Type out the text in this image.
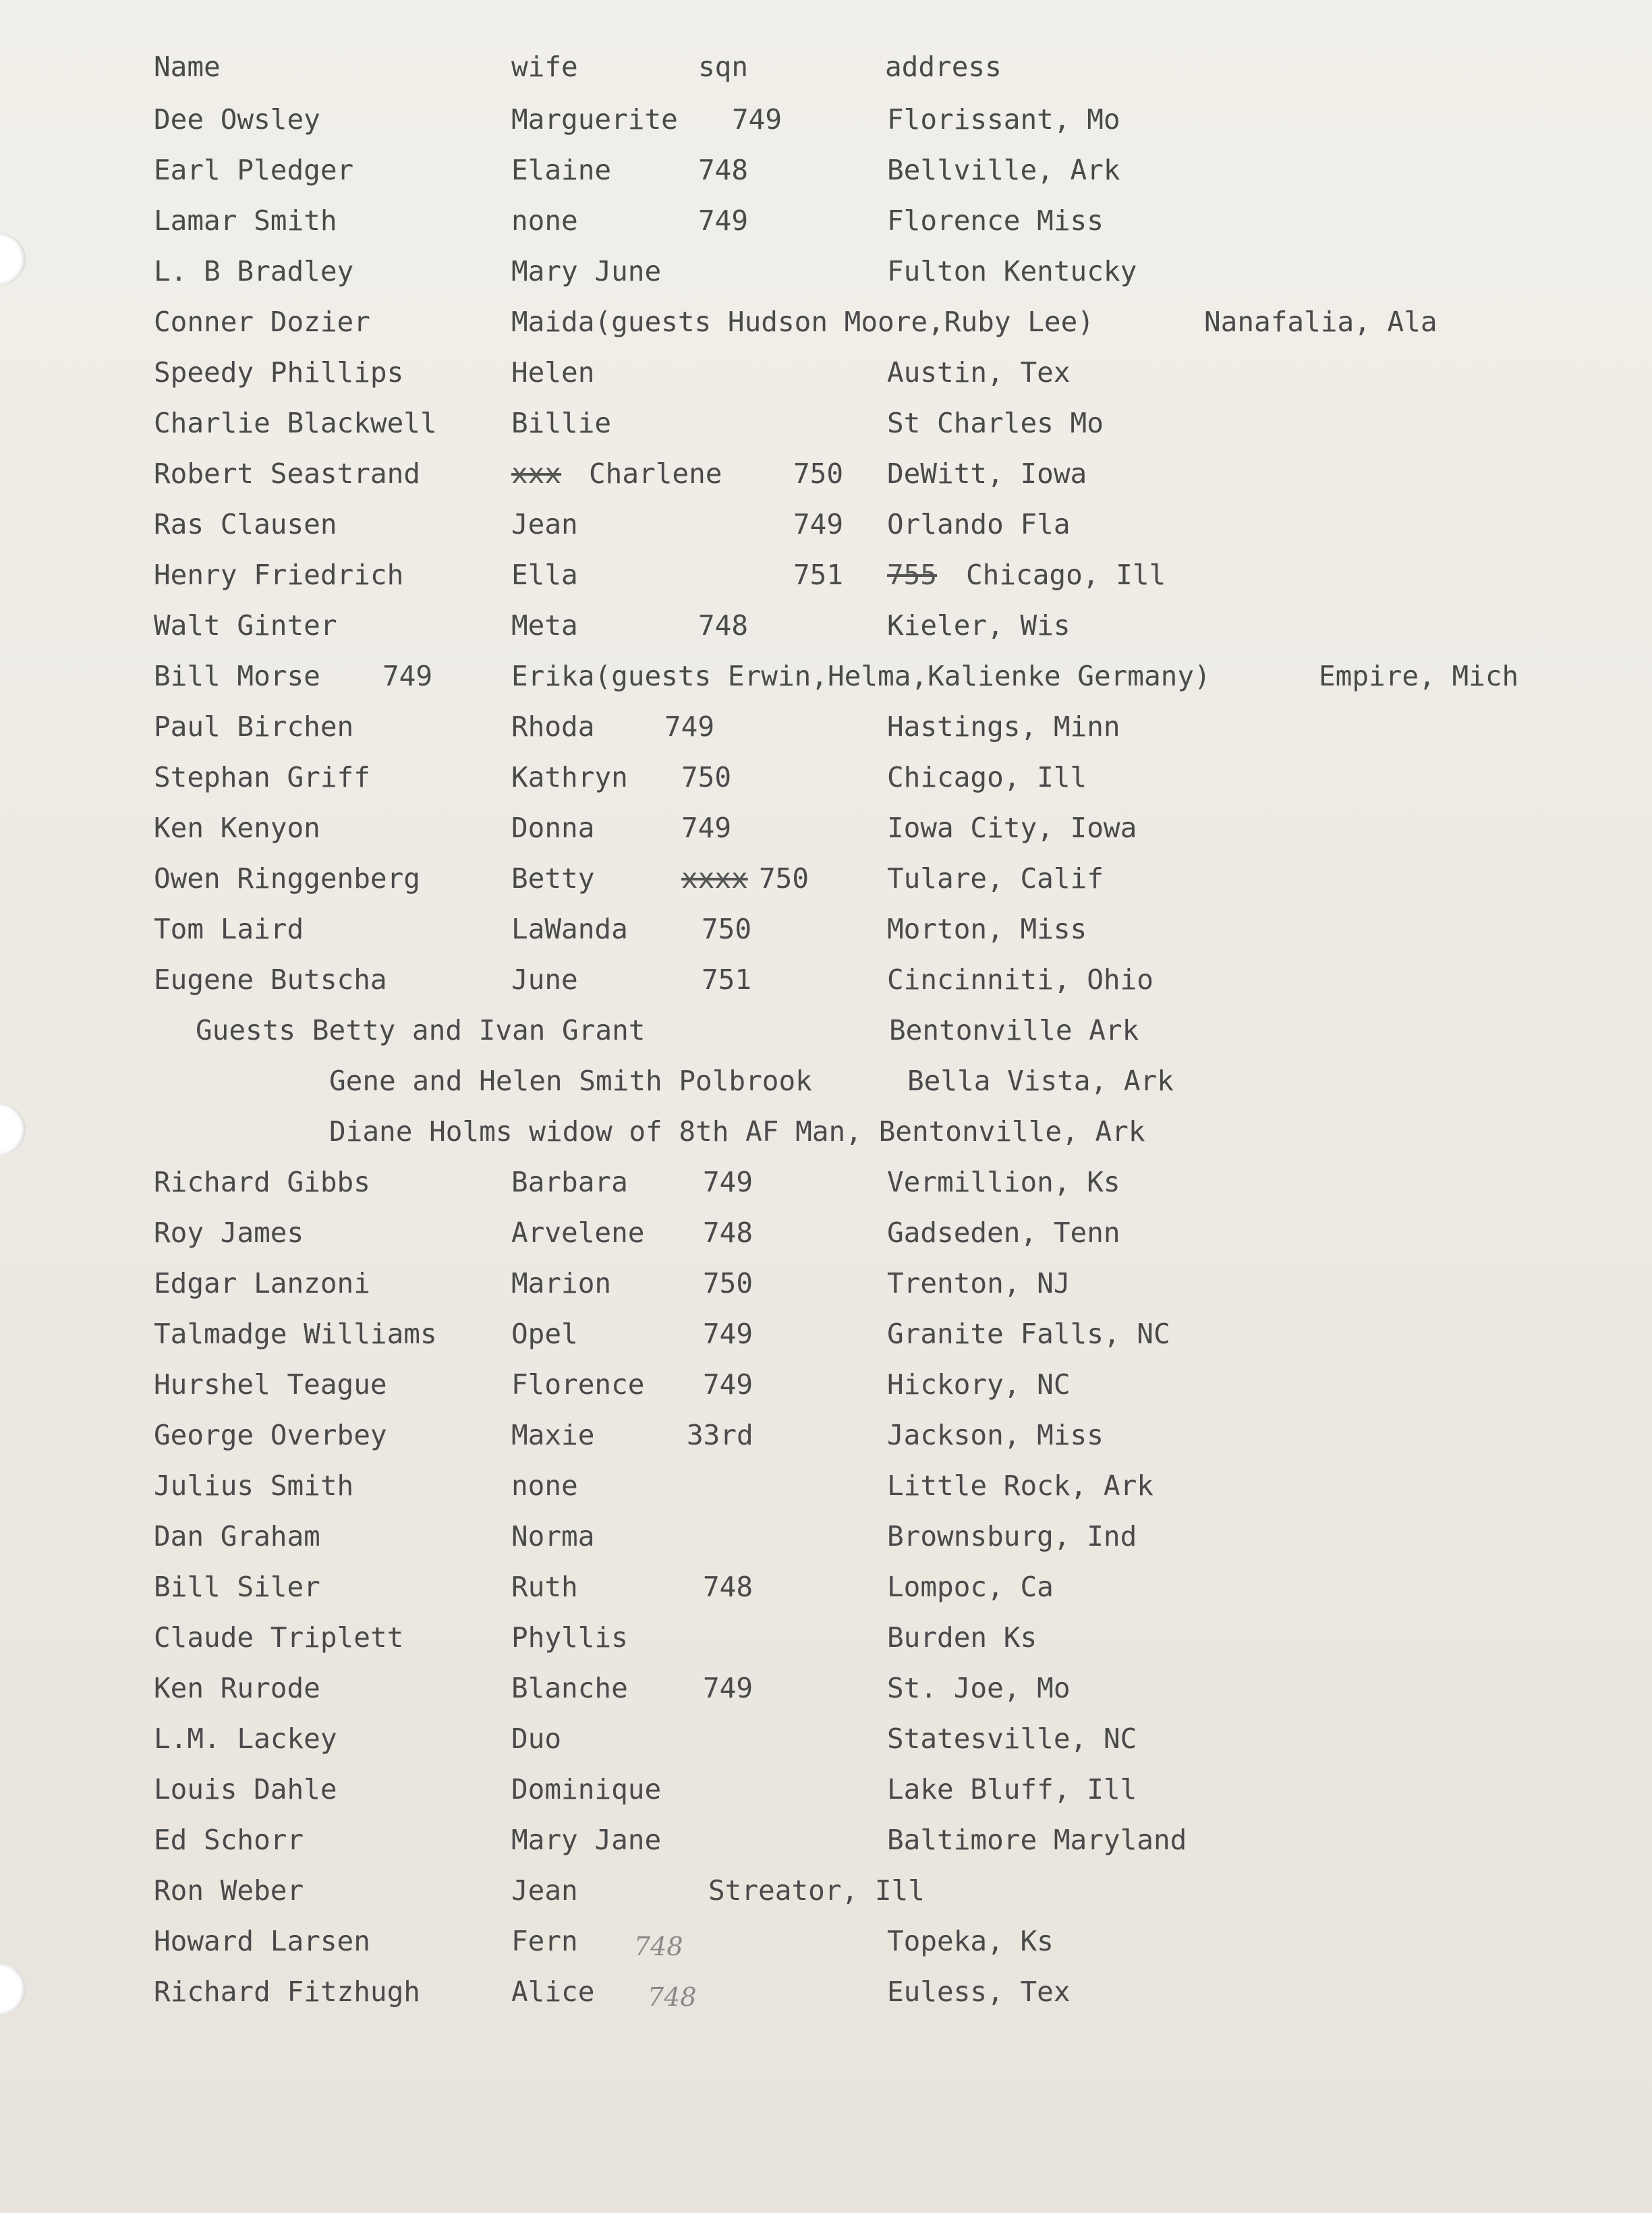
Name	wife	sqn	address
Dee Owsley	Marguerite 749	Florissant, Mo
Earl Pledger	Elaine	748	Bellville, Ark
Lamar Smith	none	749	Florence Miss
L. B Bradley	Mary June	Fulton Kentucky
Conner Dozier	Maida(guests Hudson Moore,Ruby Lee)	Nanafalia, Ala
Speedy Phillips	Helen	Austin, Tex
Charlie Blackwell	Billie	St Charles Mo
Robert Seastrand	xxx Charlene	750 DeWitt, Iowa
Ras Clausen	Jean	749 Orlando Fla
Henry Friedrich	Ella	751 755 Chicago, Ill
Walt Ginter	Meta	748	Kieler, Wis
Bill Morse 749	Erika(guests Erwin,Helma,Kalienke Germany)	Empire, Mich
Paul Birchen	Rhoda	749	Hastings, Minn
Stephan Griff	Kathryn 750	Chicago, Ill
Ken Kenyon	Donna	749	Iowa City, Iowa
Owen Ringgenberg	Betty	xxxx 750	Tulare, Calif
Tom Laird	LaWanda	750	Morton, Miss
Eugene Butscha	June	751	Cincinniti, Ohio
Guests Betty and Ivan Grant	Bentonville Ark
Gene and Helen Smith Polbrook	Bella Vista, Ark
Diane Holms widow of 8th AF Man, Bentonville, Ark
Richard Gibbs	Barbara	749	Vermillion, Ks
Roy James	Arvelene 748	Gadseden, Tenn
Edgar Lanzoni	Marion	750	Trenton, NJ
Talmadge Williams	Opel	749	Granite Falls, NC
Hurshel Teague	Florence 749	Hickory, NC
George Overbey	Maxie	33rd	Jackson, Miss
Julius Smith	none	Little Rock, Ark
Dan Graham	Norma	Brownsburg, Ind
Bill Siler	Ruth	748	Lompoc, Ca
Claude Triplett	Phyllis	Burden Ks
Ken Rurode	Blanche	749	St. Joe, Mo
L.M. Lackey	Duo	Statesville, NC
Louis Dahle	Dominique	Lake Bluff, Ill
Ed Schorr	Mary Jane	Baltimore Maryland
Ron Weber	Jean	Streator, Ill
Howard Larsen	Fern 748	Topeka, Ks
Richard Fitzhugh	Alice 748	Euless, Tex
